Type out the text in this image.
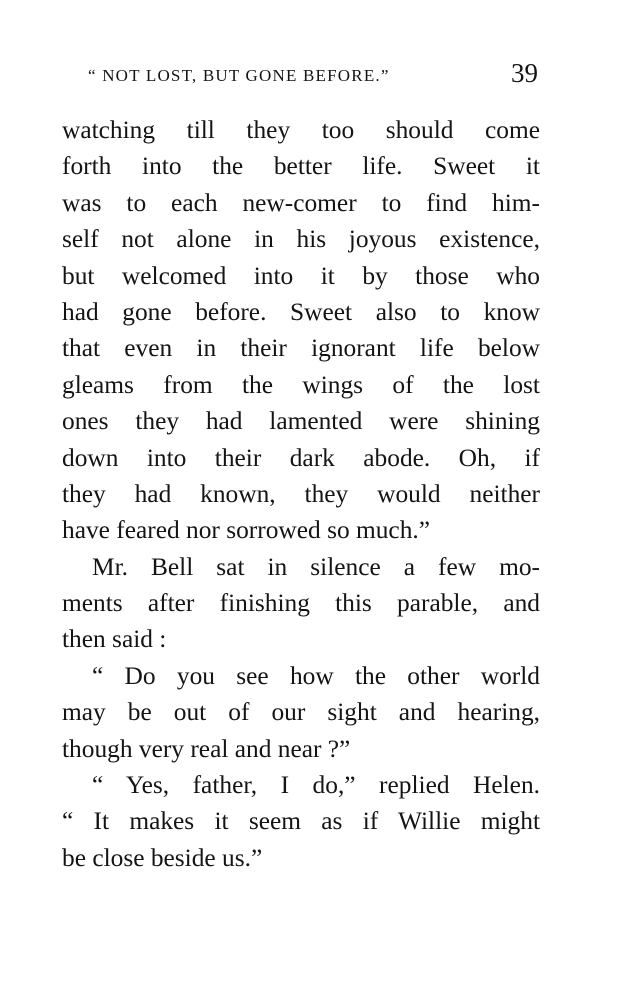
“ NOT LOST, BUT GONE BEFORE.”	39
watching till they too should come
forth into the better life. Sweet it
was to each new-comer to find him-
self not alone in his joyous existence,
but welcomed into it by those who
had gone before. Sweet also to know
that even in their ignorant life below
gleams from the wings of the lost
ones they had lamented were shining
down into their dark abode. Oh, if
they had known, they would neither
have feared nor sorrowed so much.”
Mr. Bell sat in silence a few mo-
ments after finishing this parable, and
then said :
“ Do you see how the other world
may be out of our sight and hearing,
though very real and near ?”
“ Yes, father, I do,” replied Helen.
“ It makes it seem as if Willie might
be close beside us.”
